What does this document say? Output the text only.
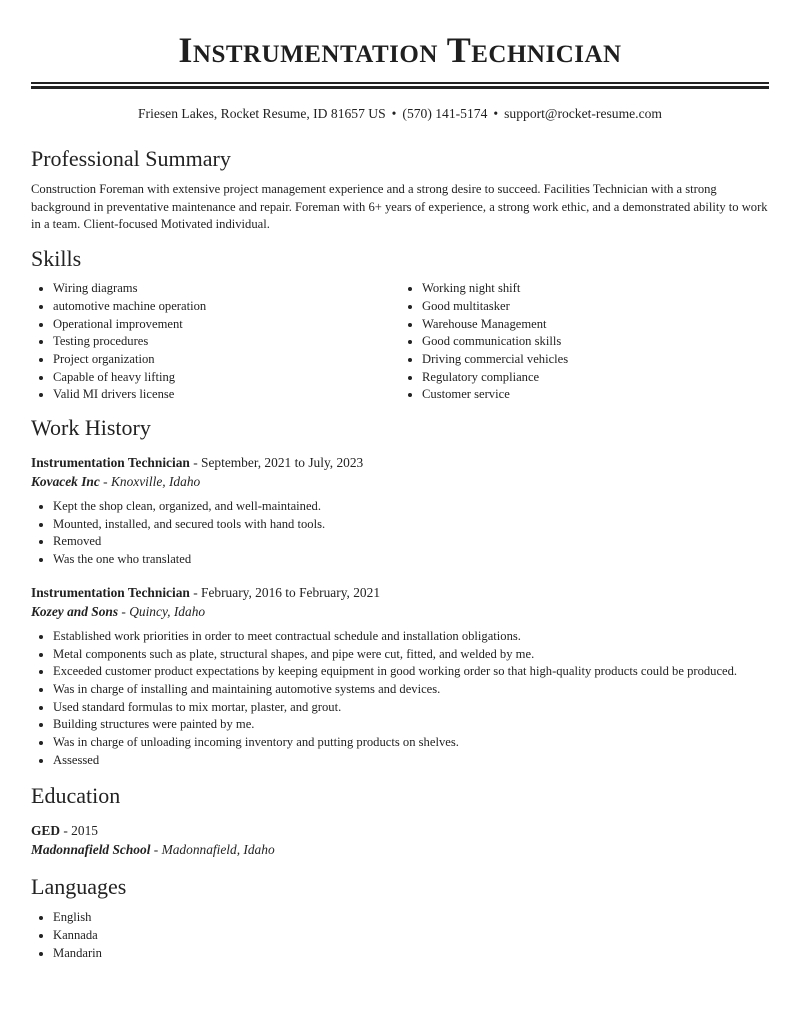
Instrumentation Technician
Friesen Lakes, Rocket Resume, ID 81657 US • (570) 141-5174 • support@rocket-resume.com
Professional Summary

Construction Foreman with extensive project management experience and a strong desire to succeed. Facilities Technician with a strong background in preventative maintenance and repair. Foreman with 6+ years of experience, a strong work ethic, and a demonstrated ability to work in a team. Client-focused Motivated individual.

Skills
• Wiring diagrams
• automotive machine operation
• Operational improvement
• Testing procedures
• Project organization
• Capable of heavy lifting
• Valid MI drivers license
• Working night shift
• Good multitasker
• Warehouse Management
• Good communication skills
• Driving commercial vehicles
• Regulatory compliance
• Customer service
Work History
Instrumentation Technician - September, 2021 to July, 2023
Kovacek Inc - Knoxville, Idaho
• Kept the shop clean, organized, and well-maintained.
• Mounted, installed, and secured tools with hand tools.
• Removed
• Was the one who translated
Instrumentation Technician - February, 2016 to February, 2021
Kozey and Sons - Quincy, Idaho
• Established work priorities in order to meet contractual schedule and installation obligations.
• Metal components such as plate, structural shapes, and pipe were cut, fitted, and welded by me.
• Exceeded customer product expectations by keeping equipment in good working order so that high-quality products could be produced.
• Was in charge of installing and maintaining automotive systems and devices.
• Used standard formulas to mix mortar, plaster, and grout.
• Building structures were painted by me.
• Was in charge of unloading incoming inventory and putting products on shelves.
• Assessed
Education
GED - 2015
Madonnafield School - Madonnafield, Idaho
Languages
• English
• Kannada
• Mandarin
